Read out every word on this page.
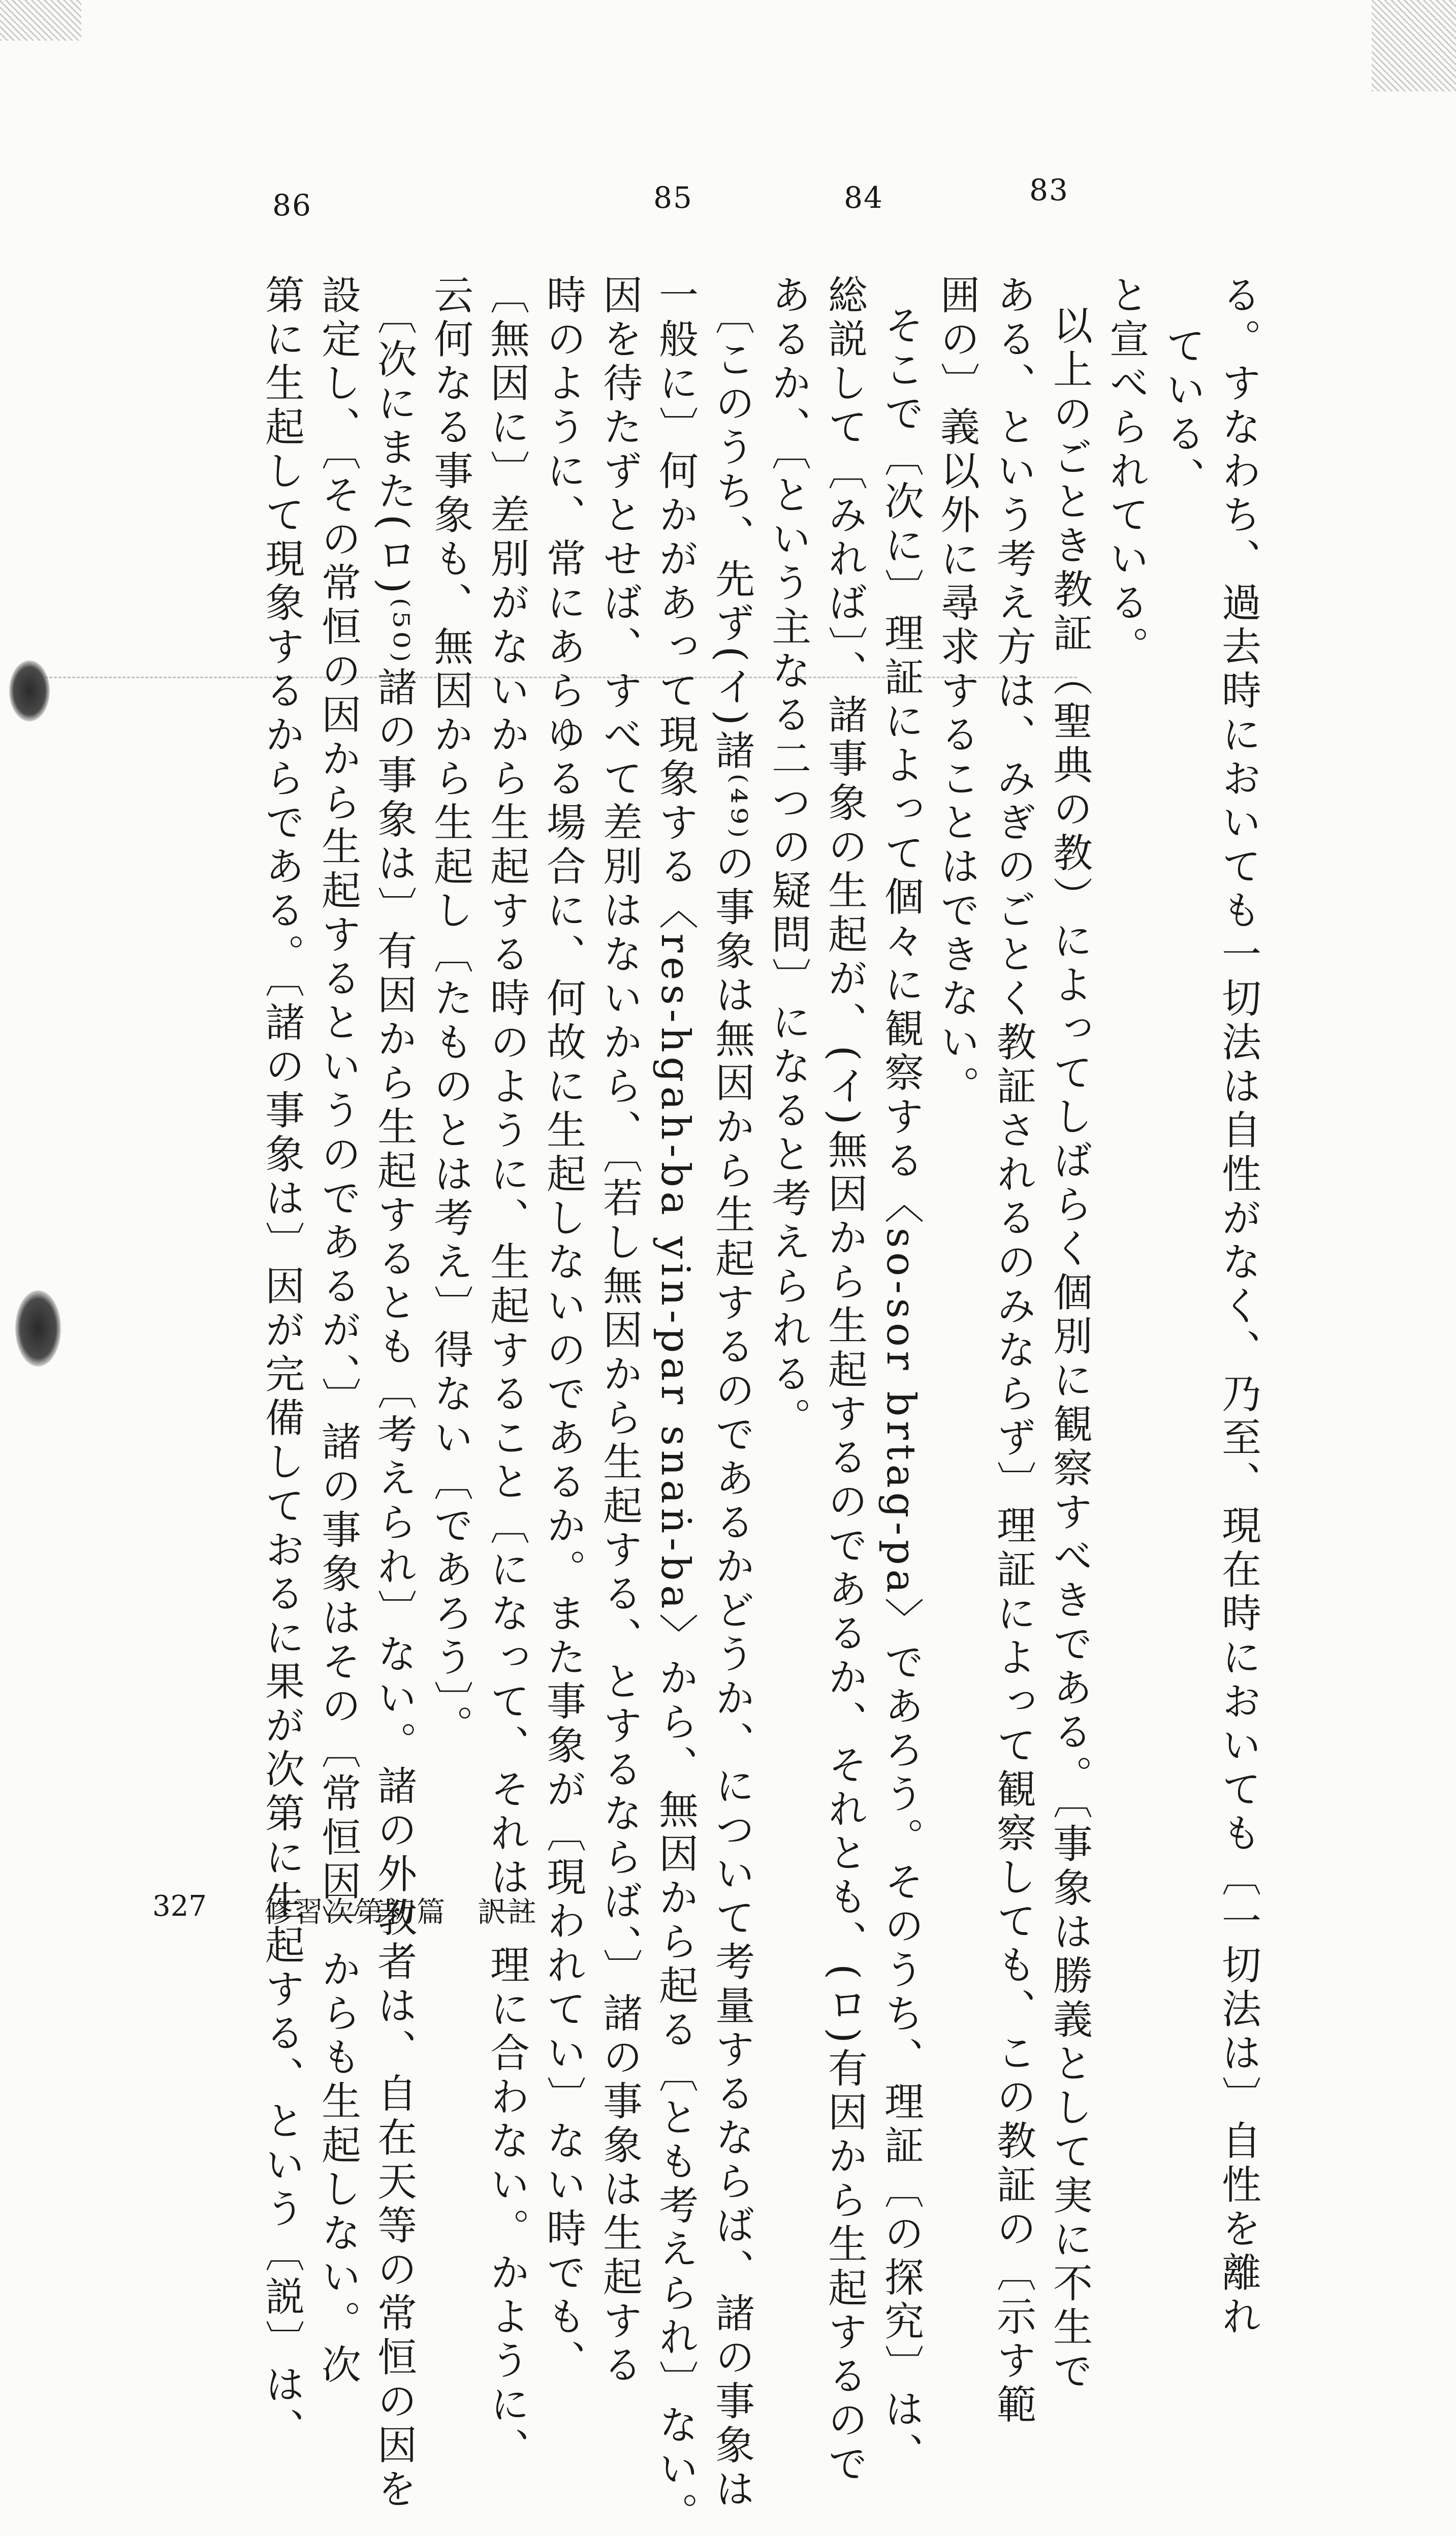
83
84
85
86
る。すなわち、過去時においても一切法は自性がなく、乃至、現在時においても〔一切法は〕自性を離れ
ている、
と宣べられている。
以上のごとき教証（聖典の教）によってしばらく個別に観察すべきである。〔事象は勝義として実に不生で
ある、という考え方は、みぎのごとく教証されるのみならず〕理証によって観察しても、この教証の〔示す範
囲の〕義以外に尋求することはできない。
そこで〔次に〕理証によって個々に観察する〈so-sor brtag-pa〉であろう。そのうち、理証〔の探究〕は、
総説して〔みれば〕、諸事象の生起が、(イ)無因から生起するのであるか、それとも、(ロ)有因から生起するので
あるか、〔という主なる二つの疑問〕になると考えられる。
〔このうち、先ず(イ)諸⁽⁴⁹⁾の事象は無因から生起するのであるかどうか、について考量するならば、諸の事象は
一般に〕何かがあって現象する〈res-hgah-ba yin-par snaṅ-ba〉から、無因から起る〔とも考えられ〕ない。
因を待たずとせば、すべて差別はないから、〔若し無因から生起する、とするならば、〕諸の事象は生起する
時のように、常にあらゆる場合に、何故に生起しないのであるか。また事象が〔現われてい〕ない時でも、
〔無因に〕差別がないから生起する時のように、生起すること〔になって、それは〕理に合わない。かように、
云何なる事象も、無因から生起し〔たものとは考え〕得ない〔であろう〕。
〔次にまた(ロ)⁽⁵⁰⁾諸の事象は〕有因から生起するとも〔考えられ〕ない。諸の外教者は、自在天等の常恒の因を
設定し、〔その常恒の因から生起するというのであるが、〕諸の事象はその〔常恒因〕からも生起しない。次
第に生起して現象するからである。〔諸の事象は〕因が完備しておるに果が次第に生起する、という〔説〕は、
327 修習次第初篇　訳註
